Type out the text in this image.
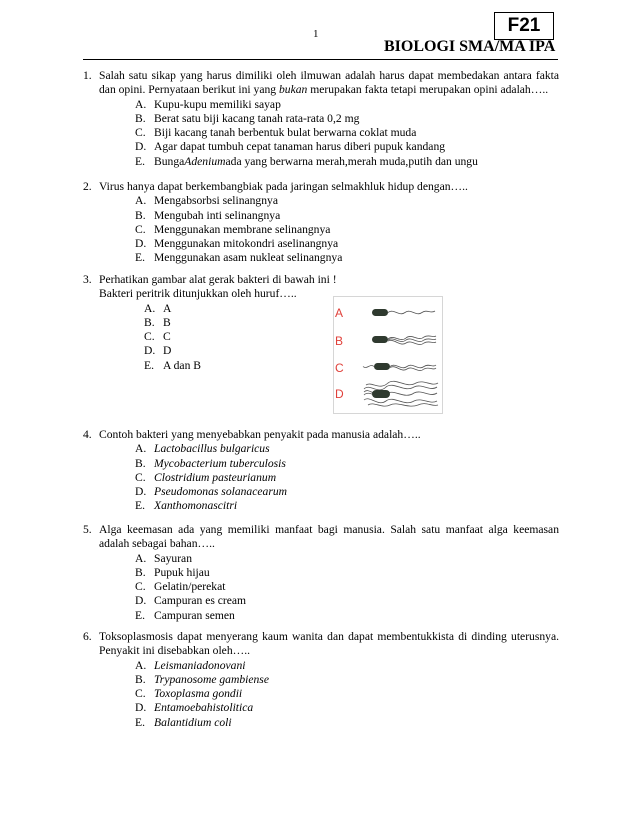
1	F21
BIOLOGI SMA/MA IPA
1. Salah satu sikap yang harus dimiliki oleh ilmuwan adalah harus dapat membedakan antara fakta dan opini. Pernyataan berikut ini yang bukan merupakan fakta tetapi merupakan opini adalah…..
A. Kupu-kupu memiliki sayap
B. Berat satu biji kacang tanah rata-rata 0,2 mg
C. Biji kacang tanah berbentuk bulat berwarna coklat muda
D. Agar dapat tumbuh cepat tanaman harus diberi pupuk kandang
E. BungaAdeniumada yang berwarna merah,merah muda,putih dan ungu
2. Virus hanya dapat berkembangbiak pada jaringan selmakhluk hidup dengan…..
A. Mengabsorbsi selinangnya
B. Mengubah inti selinangnya
C. Menggunakan membrane selinangnya
D. Menggunakan mitokondri aselinangnya
E. Menggunakan asam nukleat selinangnya
3. Perhatikan gambar alat gerak bakteri di bawah ini !
Bakteri peritrik ditunjukkan oleh huruf…..
A. A
B. B
C. C
D. D
E. A dan B
A
B
C
D
4. Contoh bakteri yang menyebabkan penyakit pada manusia adalah…..
A. Lactobacillus bulgaricus
B. Mycobacterium tuberculosis
C. Clostridium pasteurianum
D. Pseudomonas solanacearum
E. Xanthomonascitri
5. Alga keemasan ada yang memiliki manfaat bagi manusia. Salah satu manfaat alga keemasan adalah sebagai bahan…..
A. Sayuran
B. Pupuk hijau
C. Gelatin/perekat
D. Campuran es cream
E. Campuran semen
6. Toksoplasmosis dapat menyerang kaum wanita dan dapat membentukkista di dinding uterusnya. Penyakit ini disebabkan oleh…..
A. Leismaniadonovani
B. Trypanosome gambiense
C. Toxoplasma gondii
D. Entamoebahistolitica
E. Balantidium coli
